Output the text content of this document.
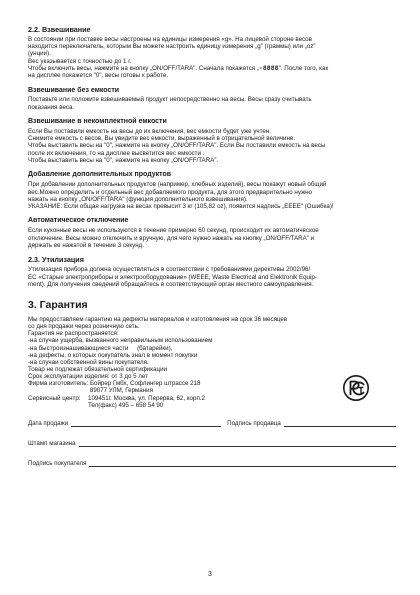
2.2. Взвешивание

В состоянии при поставке весы настроены на единицы измерения «g». На лицевой стороне весов

находится переключатель, которым Вы можете настроить единицу измерения „g" (граммы) или „oz"

(унции).

Вес указывается с точностью до 1 г.

Чтобы включить весы, нажмите на кнопку „ON/OFF/TARA". Сначала покажется „-8888". После того, как

на дисплее покажется "0", весы готовы к работе.

Взвешивание без емкости

Поставьте или положите взвешиваемый продукт непосредственно на весы. Весы сразу считывать

показания веса.

Взвешивание в некомплектной емкости

Если Вы поставили емкость на весы до их включения, вес емкости будет уже учтен.

Снимите емкость с весов, Вы увидите вес емкости, выраженный в отрицательной величине.

Чтобы выставить весы на "0", нажмите на кнопку „ON/OFF/TARA". Если Вы поставили емкость на весы

после их включения, то на дисплее высветится вес емкости .

Чтобы выставить весы на "0", нажмите на кнопку „ON/OFF/TARA".

Добавление дополнительных продуктов

При добавлении дополнительных продуктов (например, хлебных изделий), весы покажут новый общий

вес.Можно определить и отдельный вес добавляемого продукта, для этого предварительно нужно

нажать на кнопку „ON/OFF/TARA" (функция дополнительного взвешивания).

УКАЗАНИЕ: Если общая нагрузка на весах превысит 3 кг (105,82 oz), появится надпись „EEEE" (Ошибка)!

Автоматическое отключение

Если кухонные весы не используются в течение примерно 60 секунд, происходит их автоматическое

отключение. Весы можно отключить и вручную, для чего нужно нажать на кнопку „ON/OFF/TARA" и

держать ее нажатой в течение 3 секунд.

2.3. Утилизация

Утилизация прибора должна осуществляться в соответствии с требованиями директивы 2002/96/

ЕС «Старые электроприборы и электрооборудование» (WEEE, Waste Electrical and Elektronik Equip-

ment). Для получения сведений обращайтесь в соответствующий орган местного самоуправления.

3. Гарантия
Мы предоставляем гарантию на дефекты материалов и изготовления на срок 36 месяцев
со дня продажи через розничную сеть.
Гарантия не распространяется:
-на случаи ущерба, вызванного неправильным использованием
-на быстроизнашивающиеся части     (батарейки),
-на дефекты, о которых покупатель знал в момент покупки
-на случаи собственной вины покупателя.
Товар не подлежат обязательной сертификации
Срок эксплуатации изделия: от 3 до 5 лет
Фирма изготовитель: Бойрер Гмбх, Софлингер штрассе 218
89077 УЛМ, Германия
Сервисный центр:	109451г. Москва, ул. Перерва, 62, корп.2
Тел(факс) 495 – 658 54 90
Дата продажи	Подпись продавца
Штамп магазина
Подпись покупателя
3
